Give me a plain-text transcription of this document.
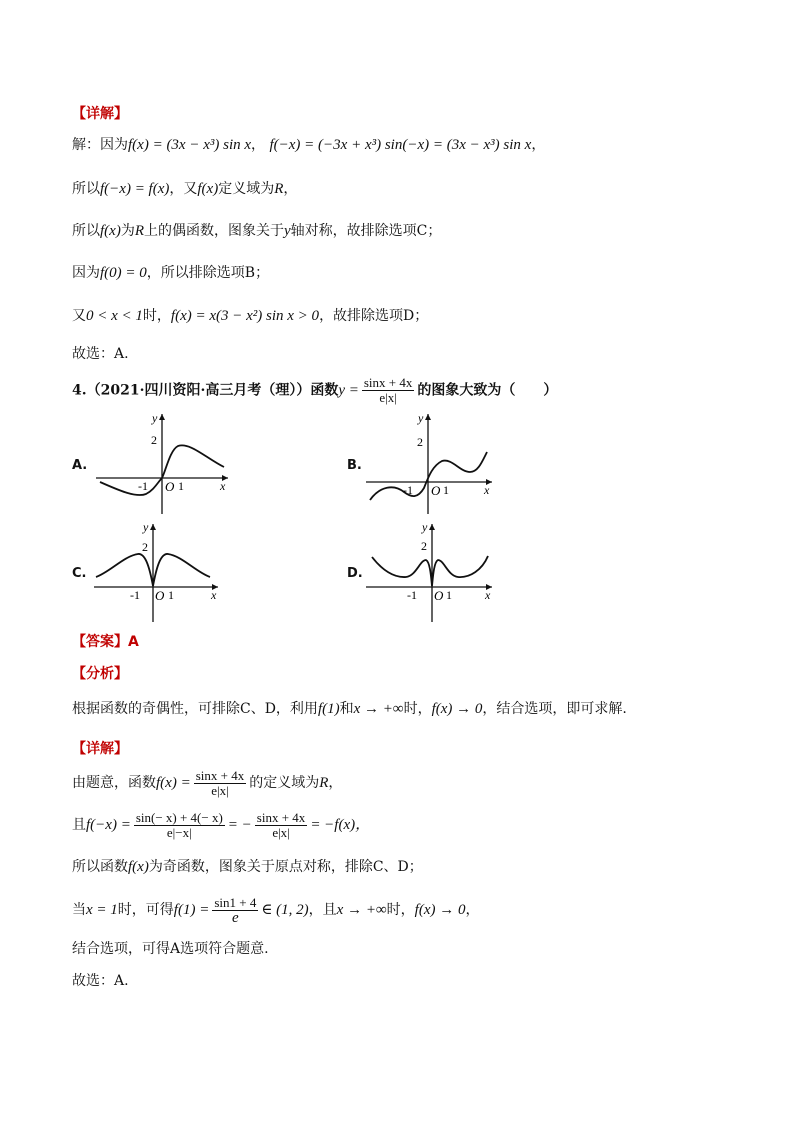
【详解】
解：因为f(x) = (3x − x³) sin x， f(−x) = (−3x + x³) sin(−x) = (3x − x³) sin x，
所以f(−x) = f(x)，又f(x)定义域为R，
所以f(x)为R上的偶函数，图象关于y轴对称，故排除选项C；
因为f(0) = 0，所以排除选项B；
又0 < x < 1时，f(x) = x(3 − x²) sin x > 0，故排除选项D；
故选：A.
4.（2021·四川资阳·高三月考（理））函数$y = \frac{\sin x + 4x}{e|x|}$ 的图象大致为（　　）
A.	B.
C.	D.
y
2
-1 O 1	x
y
2
-1 O 1	x
y
2
-1 O 1	x
y
2
-1 O 1	x
【答案】A
【分析】
根据函数的奇偶性，可排除C、D，利用f(1)和x → +∞时，f(x) → 0，结合选项，即可求解.
【详解】
由题意，函数$f(x) = \frac{\sin x + 4x}{e|x|}$ 的定义域为R，
且$f(-x) = \frac{\sin(- x) + 4(- x)}{e|-x|}$ = − $\frac{\sin x + 4x}{e|x|} = -f(x)$，
所以函数f(x)为奇函数，图象关于原点对称，排除C、D；
当x = 1时，可得$f(1) = \frac{\sin 1 + 4}{e}$ ∈ (1, 2)，且x → +∞时，f(x) → 0，
结合选项，可得A选项符合题意.
故选：A.
